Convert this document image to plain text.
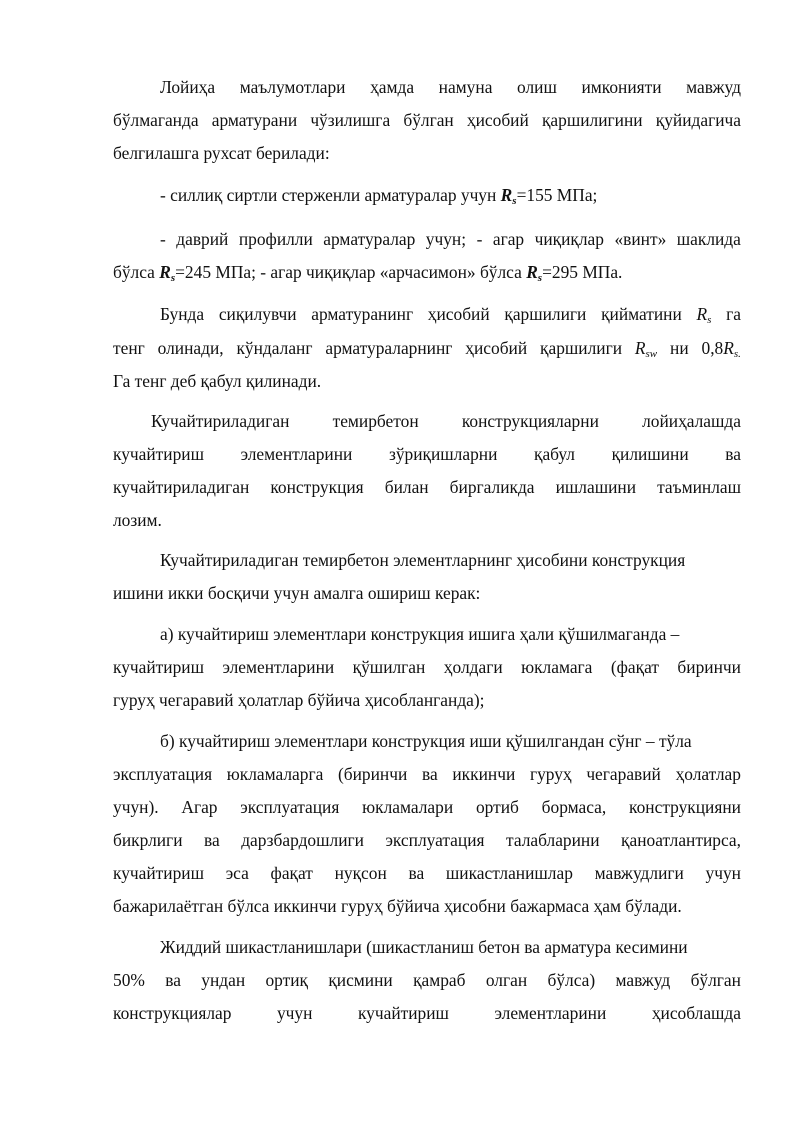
Лойиҳа маълумотлари ҳамда намуна олиш имконияти мавжуд
бўлмаганда арматурани чўзилишга бўлган ҳисобий қаршилигини қуйидагича
белгилашга рухсат берилади:
- силлиқ сиртли стерженли арматуралар учун $R_s=155$ МПа;
- даврий профилли арматуралар учун; - агар чиқиқлар «винт» шаклида
бўлса $R_s=245$ МПа; - агар чиқиқлар «арчасимон» бўлса $R_s=295$ МПа.
Бунда сиқилувчи арматуранинг ҳисобий қаршилиги қийматини $R_s$ га
тенг олинади, кўндаланг арматураларнинг ҳисобий қаршилиги $R_{sw}$ ни $0,8R_{s.}$
Га тенг деб қабул қилинади.
Кучайтириладиган темирбетон конструкцияларни лойиҳалашда
кучайтириш элементларини зўриқишларни қабул қилишини ва
кучайтириладиган конструкция билан биргаликда ишлашини таъминлаш
лозим.
Кучайтириладиган темирбетон элементларнинг ҳисобини конструкция
ишини икки босқичи учун амалга ошириш керак:
а) кучайтириш элементлари конструкция ишига ҳали қўшилмаганда –
кучайтириш элементларини қўшилган ҳолдаги юкламага (фақат биринчи
гуруҳ чегаравий ҳолатлар бўйича ҳисобланганда);
б) кучайтириш элементлари конструкция иши қўшилгандан сўнг – тўла
эксплуатация юкламаларга (биринчи ва иккинчи гуруҳ чегаравий ҳолатлар
учун). Агар эксплуатация юкламалари ортиб бормаса, конструкцияни
бикрлиги ва дарзбардошлиги эксплуатация талабларини қаноатлантирса,
кучайтириш эса фақат нуқсон ва шикастланишлар мавжудлиги учун
бажарилаётган бўлса иккинчи гуруҳ бўйича ҳисобни бажармаса ҳам бўлади.
Жиддий шикастланишлари (шикастланиш бетон ва арматура кесимини
50% ва ундан ортиқ қисмини қамраб олган бўлса) мавжуд бўлган
конструкциялар	учун	кучайтириш	элементларини	ҳисоблашда
